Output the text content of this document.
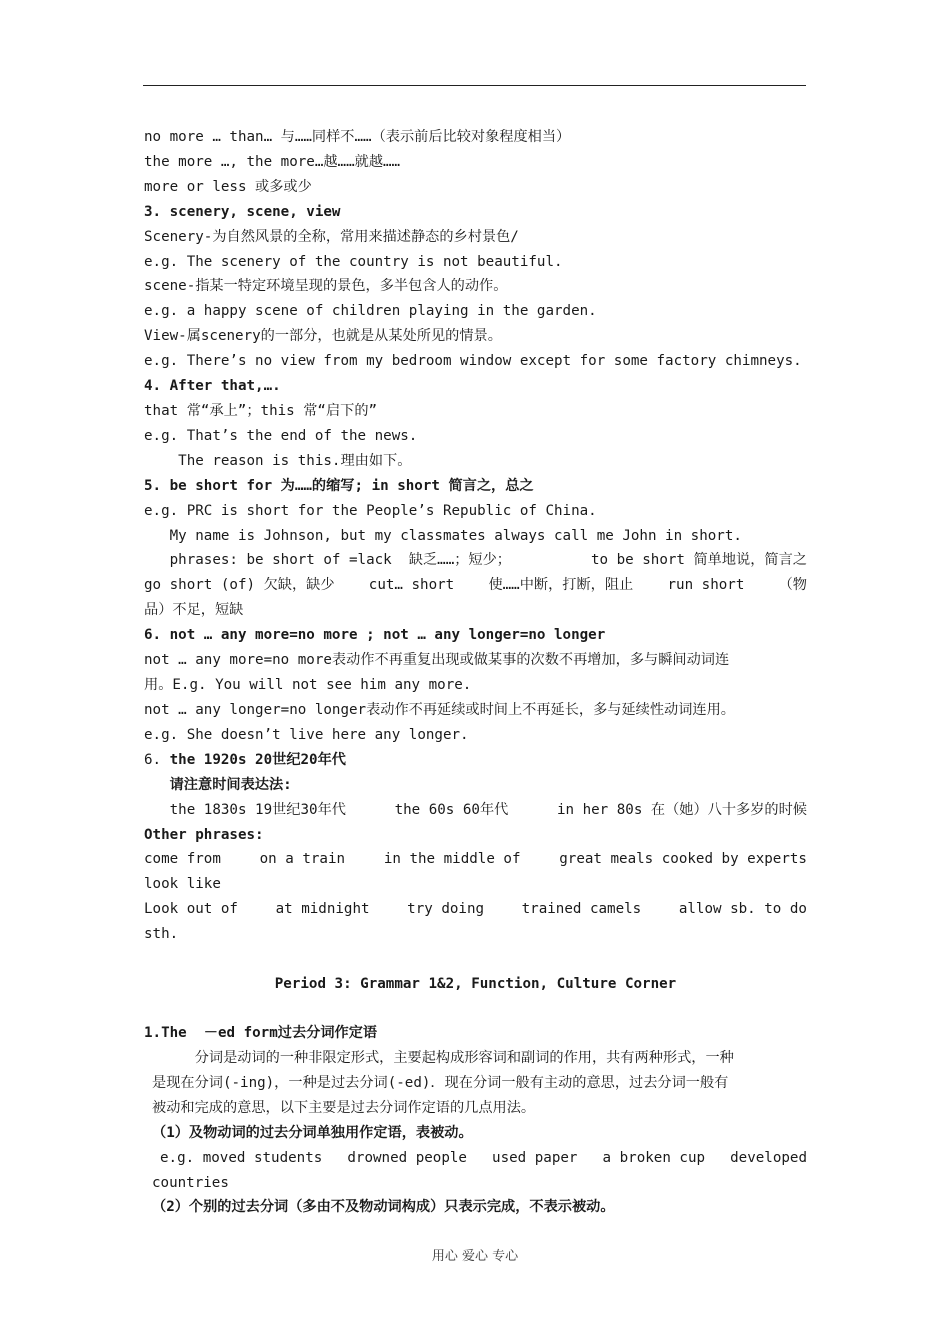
no more … than… 与……同样不……（表示前后比较对象程度相当）

the more …, the more…越……就越……

more or less 或多或少

3. scenery, scene, view

Scenery-为自然风景的全称，常用来描述静态的乡村景色/

e.g. The scenery of the country is not beautiful.

scene-指某一特定环境呈现的景色，多半包含人的动作。

e.g. a happy scene of children playing in the garden.

View-属scenery的一部分，也就是从某处所见的情景。

e.g. There’s no view from my bedroom window except for some factory chimneys.

4. After that,….

that 常“承上”；this 常“启下的”

e.g. That’s the end of the news.

The reason is this.理由如下。

5. be short for 为……的缩写; in short 简言之，总之

e.g. PRC is short for the People’s Republic of China.

My name is Johnson, but my classmates always call me John in short.

phrases: be short of =lack  缺乏……；短少；	to be short 简单地说，简言之
go short (of) 欠缺，缺少 cut… short 使……中断，打断，阻止 run short （物

品）不足，短缺

6. not … any more=no more ; not … any longer=no longer

not … any more=no more表动作不再重复出现或做某事的次数不再增加，多与瞬间动词连

用。E.g. You will not see him any more.

not … any longer=no longer表动作不再延续或时间上不再延长，多与延续性动词连用。

e.g. She doesn’t live here any longer.

6. the 1920s 20世纪20年代

请注意时间表达法:

the 1830s 19世纪30年代	the 60s 60年代	in her 80s 在（她）八十多岁的时候

Other phrases:

come from	on a train	in the middle of	great meals cooked by experts

look like

Look out of	at midnight	try doing	trained camels	allow sb. to do

sth.

Period 3: Grammar 1&2, Function, Culture Corner

1.The  －ed form过去分词作定语

分词是动词的一种非限定形式，主要起构成形容词和副词的作用，共有两种形式，一种

是现在分词(-ing)，一种是过去分词(-ed)．现在分词一般有主动的意思，过去分词一般有

被动和完成的意思，以下主要是过去分词作定语的几点用法。

（1）及物动词的过去分词单独用作定语，表被动。

e.g. moved students drowned people used paper a broken cup developed

countries

（2）个别的过去分词（多由不及物动词构成）只表示完成，不表示被动。

用心 爱心 专心
